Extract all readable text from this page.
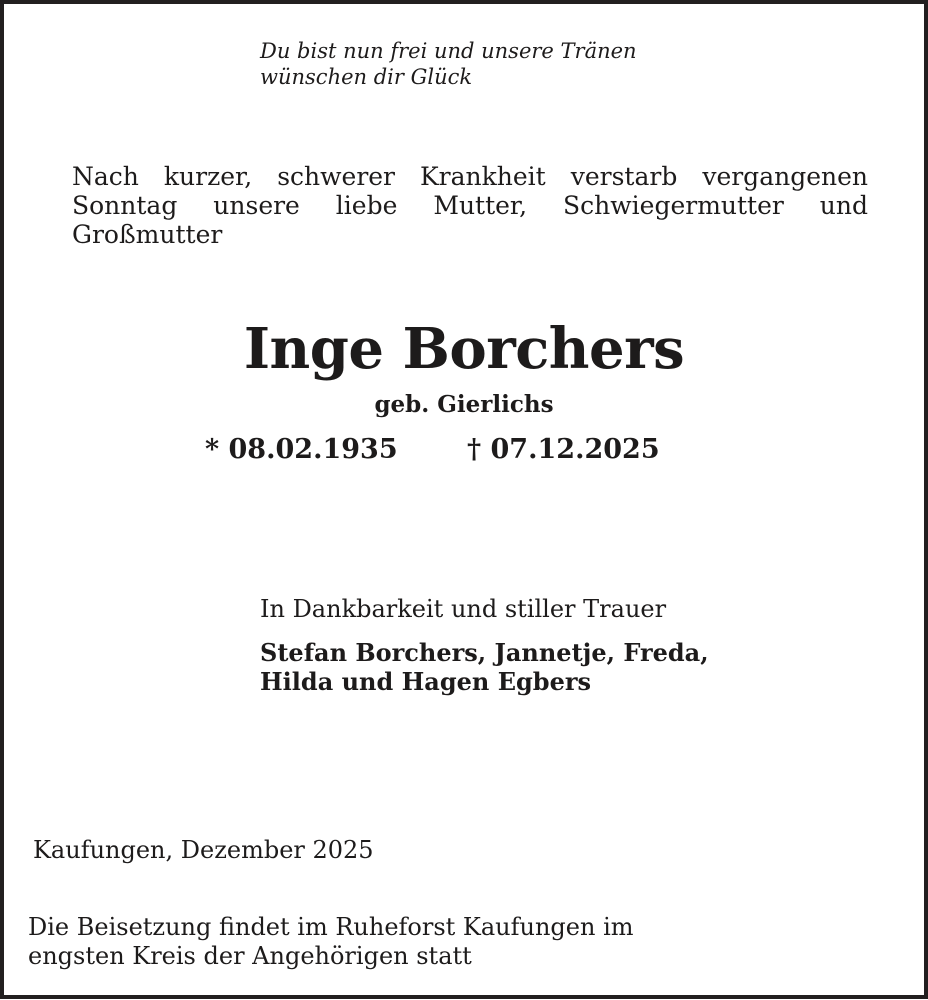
Du bist nun frei und unsere Tränen
wünschen dir Glück
Nach kurzer, schwerer Krankheit verstarb vergangenen Sonntag unsere liebe Mutter, Schwiegermutter und Großmutter
Inge Borchers
geb. Gierlichs
* 08.02.1935	† 07.12.2025
In Dankbarkeit und stiller Trauer
Stefan Borchers, Jannetje, Freda,
Hilda und Hagen Egbers
Kaufungen, Dezember 2025
Die Beisetzung findet im Ruheforst Kaufungen im
engsten Kreis der Angehörigen statt
